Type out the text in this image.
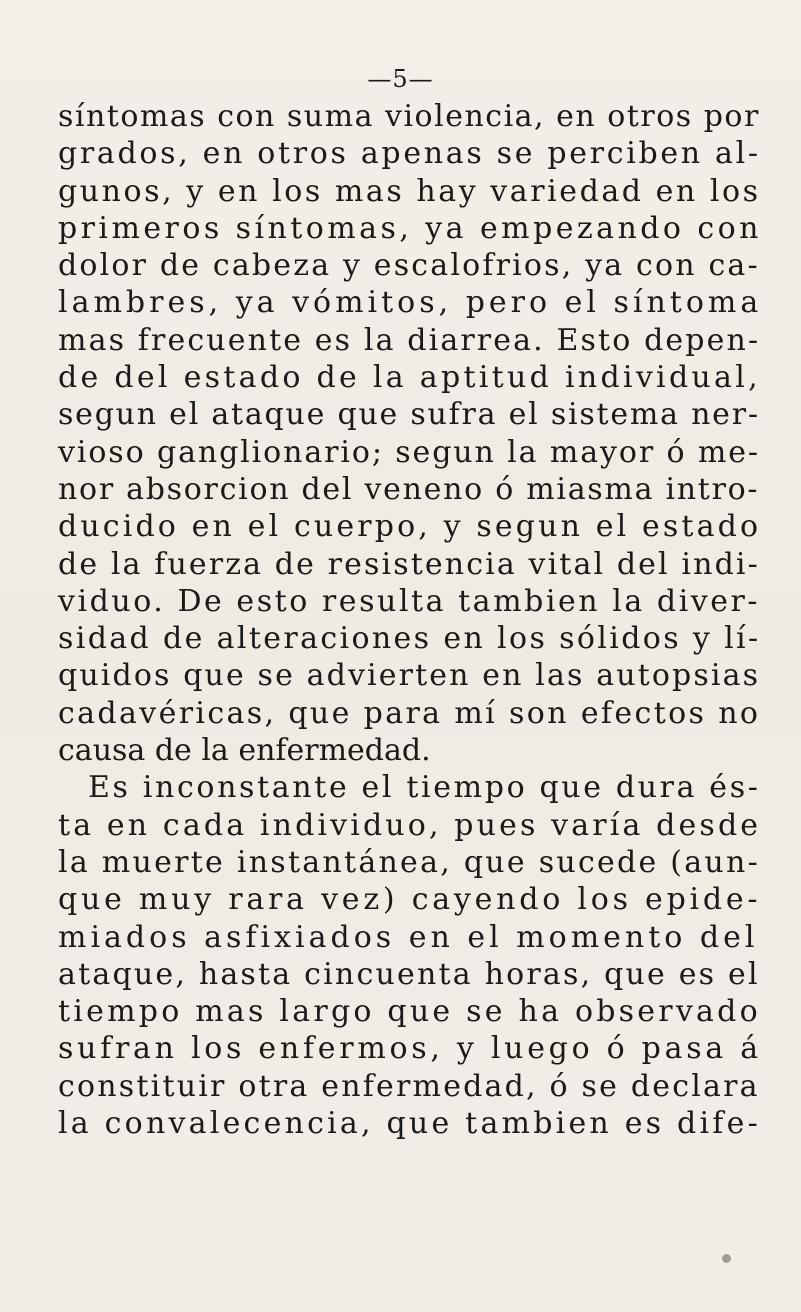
—5—
síntomas con suma violencia, en otros por
grados, en otros apenas se perciben al-
gunos, y en los mas hay variedad en los
primeros síntomas, ya empezando con
dolor de cabeza y escalofrios, ya con ca-
lambres, ya vómitos, pero el síntoma
mas frecuente es la diarrea. Esto depen-
de del estado de la aptitud individual,
segun el ataque que sufra el sistema ner-
vioso ganglionario; segun la mayor ó me-
nor absorcion del veneno ó miasma intro-
ducido en el cuerpo, y segun el estado
de la fuerza de resistencia vital del indi-
viduo. De esto resulta tambien la diver-
sidad de alteraciones en los sólidos y lí-
quidos que se advierten en las autopsias
cadavéricas, que para mí son efectos no
causa de la enfermedad.
Es inconstante el tiempo que dura és-
ta en cada individuo, pues varía desde
la muerte instantánea, que sucede (aun-
que muy rara vez) cayendo los epide-
miados asfixiados en el momento del
ataque, hasta cincuenta horas, que es el
tiempo mas largo que se ha observado
sufran los enfermos, y luego ó pasa á
constituir otra enfermedad, ó se declara
la convalecencia, que tambien es dife-
